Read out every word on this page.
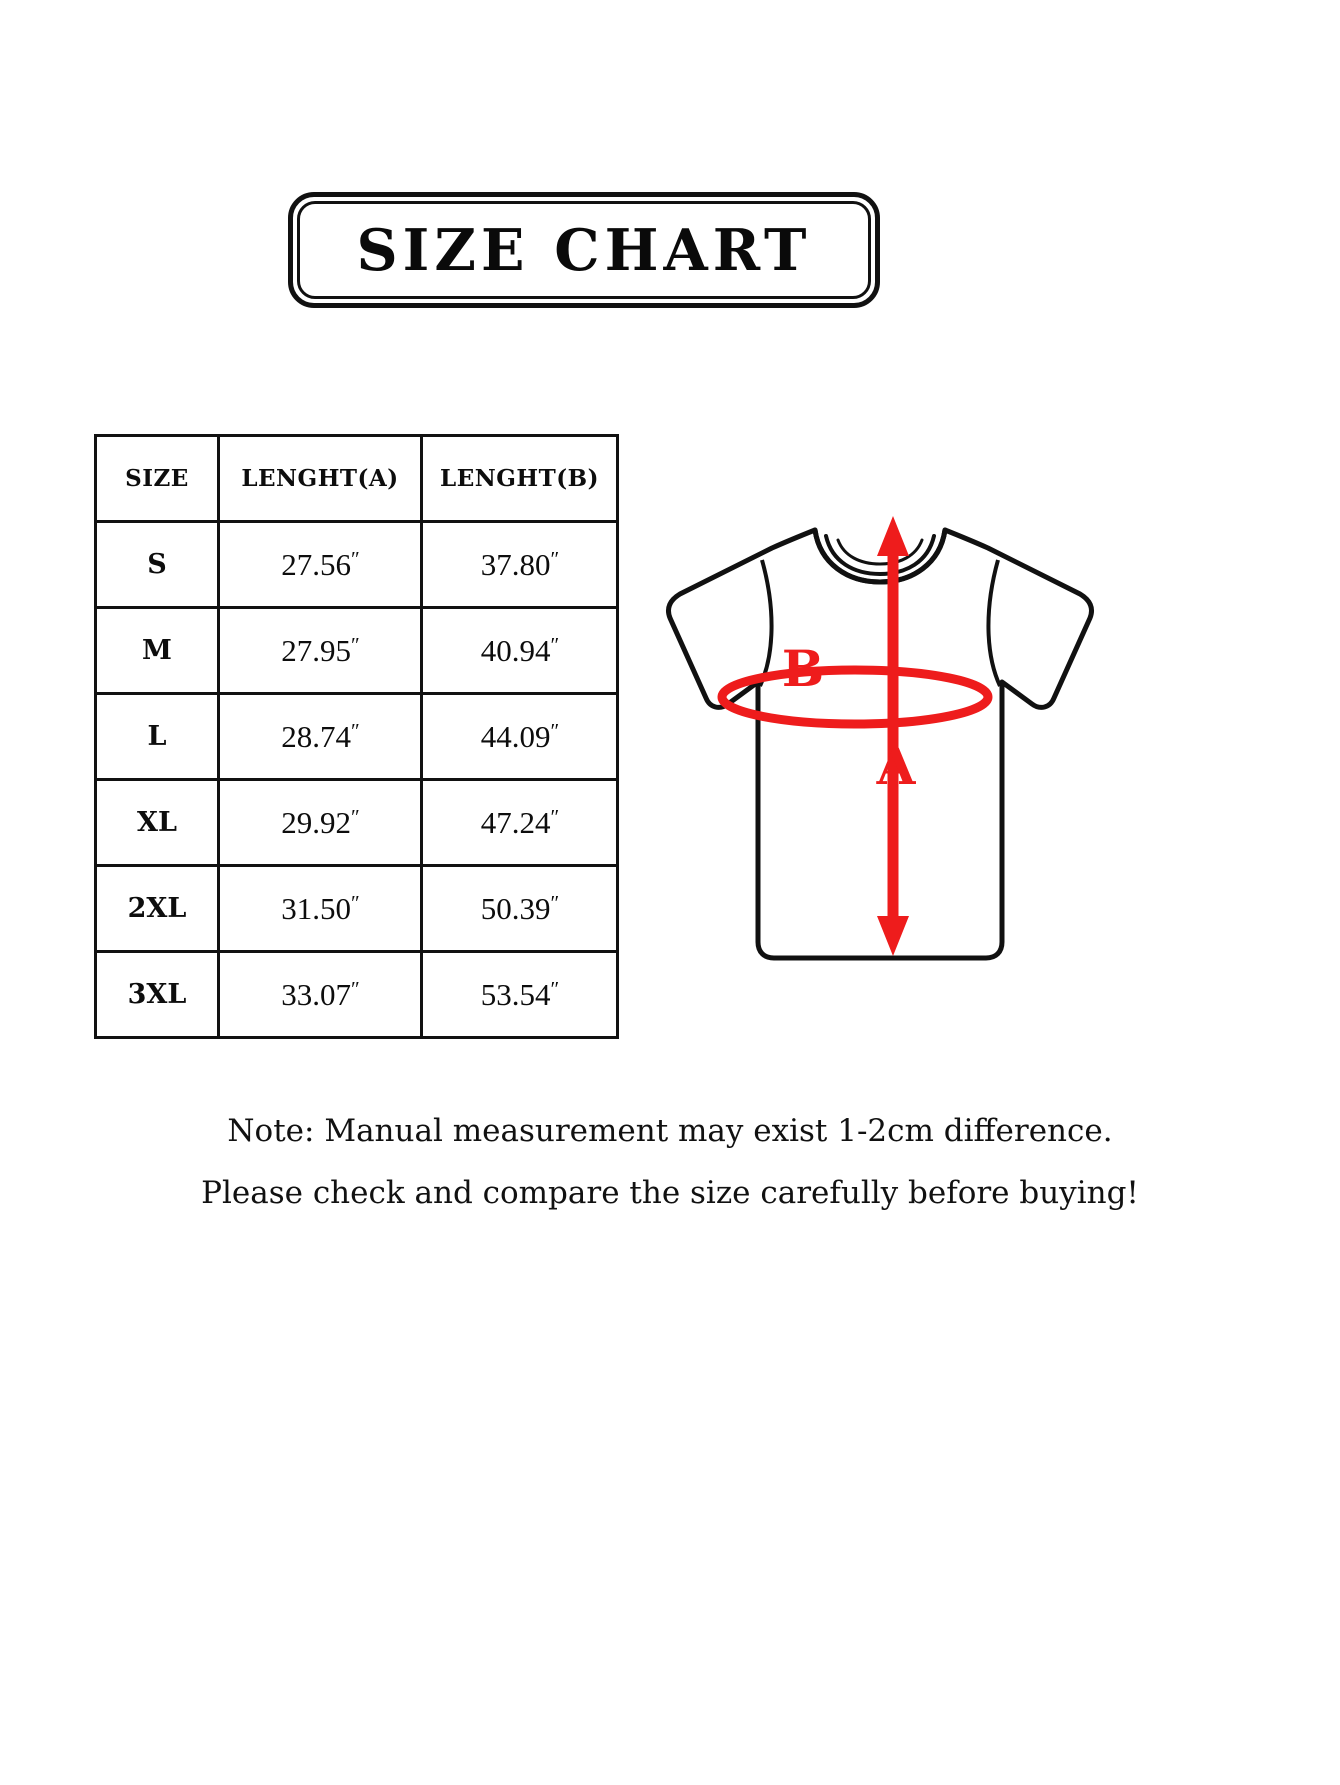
SIZE CHART
SIZE	LENGHT(A)	LENGHT(B)
S	27.56″	37.80″
M	27.95″	40.94″
L	28.74″	44.09″
XL	29.92″	47.24″
2XL	31.50″	50.39″
3XL	33.07″	53.54″
B
A
Note: Manual measurement may exist 1-2cm difference.
Please check and compare the size carefully before buying!
